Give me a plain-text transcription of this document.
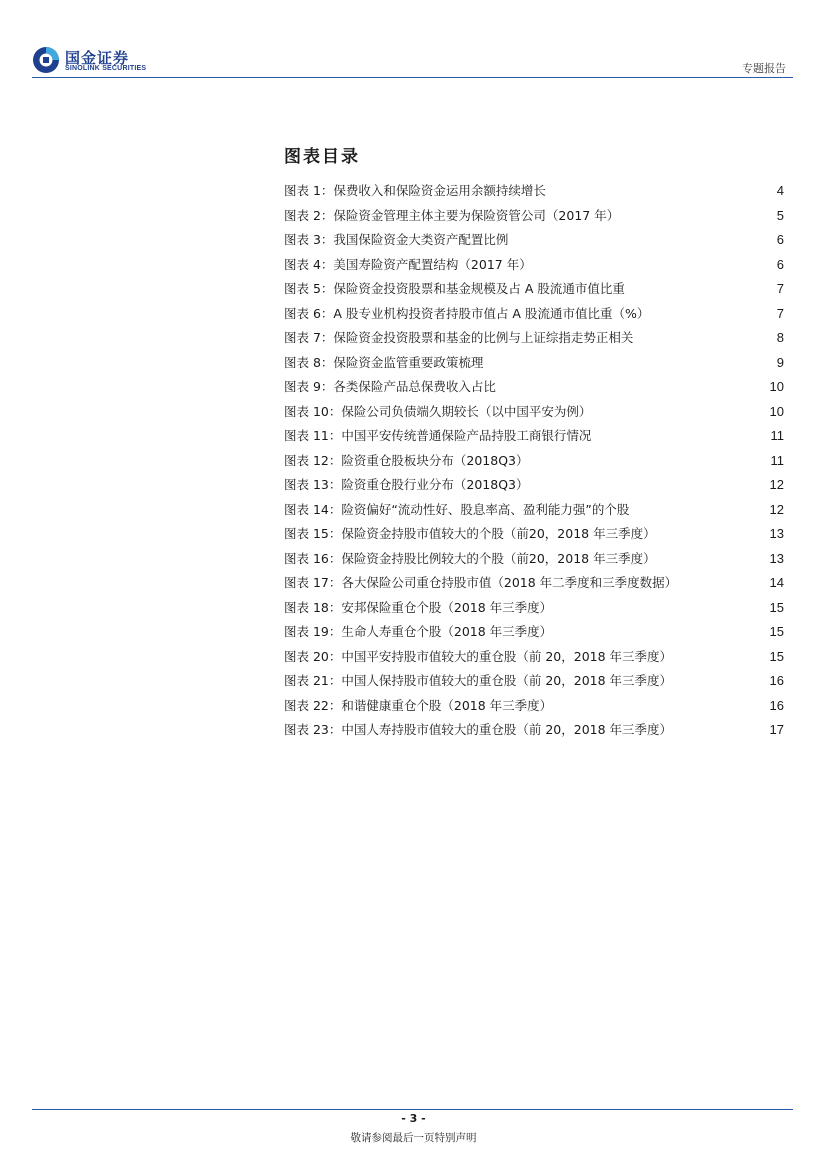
国金证券
SINOLINK SECURITIES	专题报告
图表目录
图表 1：保费收入和保险资金运用余额持续增长	4
图表 2：保险资金管理主体主要为保险资管公司（2017 年）	5
图表 3：我国保险资金大类资产配置比例	6
图表 4：美国寿险资产配置结构（2017 年）	6
图表 5：保险资金投资股票和基金规模及占 A 股流通市值比重	7
图表 6：A 股专业机构投资者持股市值占 A 股流通市值比重（%）	7
图表 7：保险资金投资股票和基金的比例与上证综指走势正相关	8
图表 8：保险资金监管重要政策梳理	9
图表 9：各类保险产品总保费收入占比	10
图表 10：保险公司负债端久期较长（以中国平安为例）	10
图表 11：中国平安传统普通保险产品持股工商银行情况	11
图表 12：险资重仓股板块分布（2018Q3）	11
图表 13：险资重仓股行业分布（2018Q3）	12
图表 14：险资偏好“流动性好、股息率高、盈利能力强”的个股	12
图表 15：保险资金持股市值较大的个股（前20，2018 年三季度）	13
图表 16：保险资金持股比例较大的个股（前20，2018 年三季度）	13
图表 17：各大保险公司重仓持股市值（2018 年二季度和三季度数据）	14
图表 18：安邦保险重仓个股（2018 年三季度）	15
图表 19：生命人寿重仓个股（2018 年三季度）	15
图表 20：中国平安持股市值较大的重仓股（前 20，2018 年三季度）	15
图表 21：中国人保持股市值较大的重仓股（前 20，2018 年三季度）	16
图表 22：和谐健康重仓个股（2018 年三季度）	16
图表 23：中国人寿持股市值较大的重仓股（前 20，2018 年三季度）	17
- 3 -
敬请参阅最后一页特别声明
